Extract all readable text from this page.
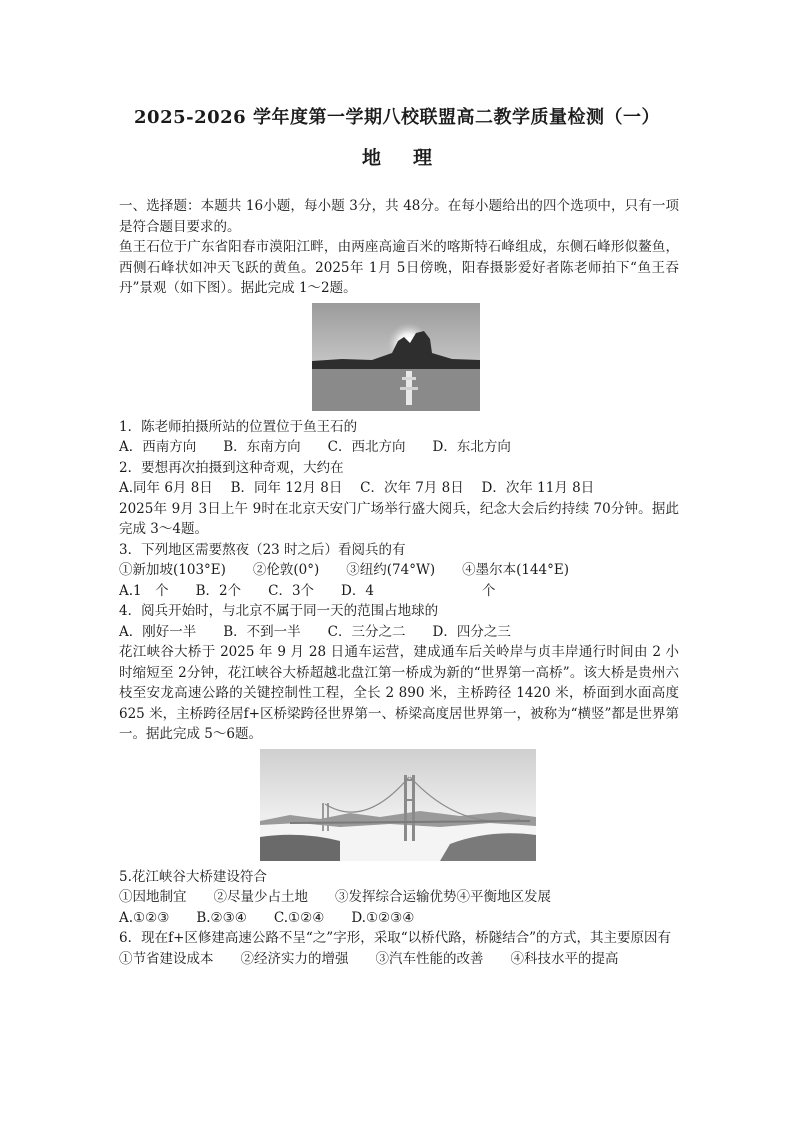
2025-2026 学年度第一学期八校联盟高二教学质量检测（一）
地理

一、选择题：本题共 16小题，每小题 3分，共 48分。在每小题给出的四个选项中，只有一项是符合题目要求的。

鱼王石位于广东省阳春市漠阳江畔，由两座高逾百米的喀斯特石峰组成，东侧石峰形似鳌鱼，西侧石峰状如冲天飞跃的黄鱼。2025年 1月 5日傍晚，阳春摄影爱好者陈老师拍下“鱼王吞丹”景观（如下图）。据此完成 1～2题。

1．陈老师拍摄所站的位置位于鱼王石的

A．西南方向　　B．东南方向　　C．西北方向　　D．东北方向

2．要想再次拍摄到这种奇观，大约在

A.同年 6月 8日　 B．同年 12月 8日　 C．次年 7月 8日　 D．次年 11月 8日

2025年 9月 3日上午 9时在北京天安门广场举行盛大阅兵，纪念大会后约持续 70分钟。据此完成 3～4题。

3．下列地区需要熬夜（23 时之后）看阅兵的有

①新加坡(103°E)　　②伦敦(0°)　　③纽约(74°W)　　④墨尔本(144°E)

A.1　个　　B．2个　　C．3个　　D．4　　　　　　　　个

4．阅兵开始时，与北京不属于同一天的范围占地球的

A．刚好一半　　B．不到一半　　C．三分之二　　D．四分之三

花江峡谷大桥于 2025 年 9 月 28 日通车运营，建成通车后关岭岸与贞丰岸通行时间由 2 小时缩短至 2分钟，花江峡谷大桥超越北盘江第一桥成为新的“世界第一高桥”。该大桥是贵州六枝至安龙高速公路的关键控制性工程，全长 2 890 米，主桥跨径 1420 米，桥面到水面高度 625 米，主桥跨径居f+区桥梁跨径世界第一、桥梁高度居世界第一，被称为“横竖”都是世界第一。据此完成 5～6题。

5.花江峡谷大桥建设符合

①因地制宜　　②尽量少占土地　　③发挥综合运输优势④平衡地区发展

A.①②③　　B.②③④　　C.①②④　　D.①②③④

6．现在f+区修建高速公路不呈“之”字形，采取“以桥代路，桥隧结合”的方式，其主要原因有

①节省建设成本　　②经济实力的增强　　③汽车性能的改善　　④科技水平的提高
